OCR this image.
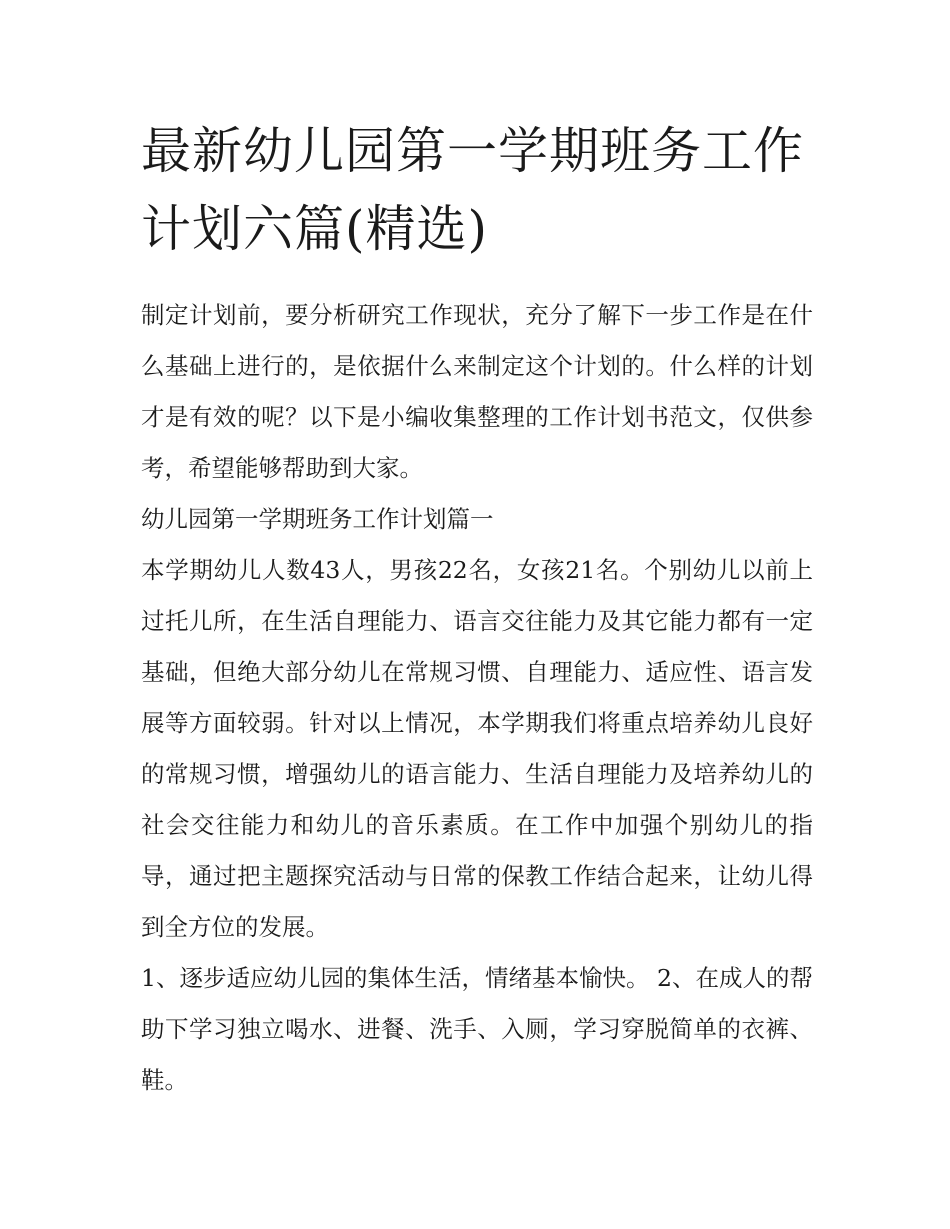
最新幼儿园第一学期班务工作计划六篇(精选)

制定计划前，要分析研究工作现状，充分了解下一步工作是在什么基础上进行的，是依据什么来制定这个计划的。什么样的计划才是有效的呢？以下是小编收集整理的工作计划书范文，仅供参考，希望能够帮助到大家。

幼儿园第一学期班务工作计划篇一

本学期幼儿人数43人，男孩22名，女孩21名。个别幼儿以前上过托儿所，在生活自理能力、语言交往能力及其它能力都有一定基础，但绝大部分幼儿在常规习惯、自理能力、适应性、语言发展等方面较弱。针对以上情况，本学期我们将重点培养幼儿良好的常规习惯，增强幼儿的语言能力、生活自理能力及培养幼儿的社会交往能力和幼儿的音乐素质。在工作中加强个别幼儿的指导，通过把主题探究活动与日常的保教工作结合起来，让幼儿得到全方位的发展。

1、逐步适应幼儿园的集体生活，情绪基本愉快。 2、在成人的帮助下学习独立喝水、进餐、洗手、入厕，学习穿脱简单的衣裤、鞋。
